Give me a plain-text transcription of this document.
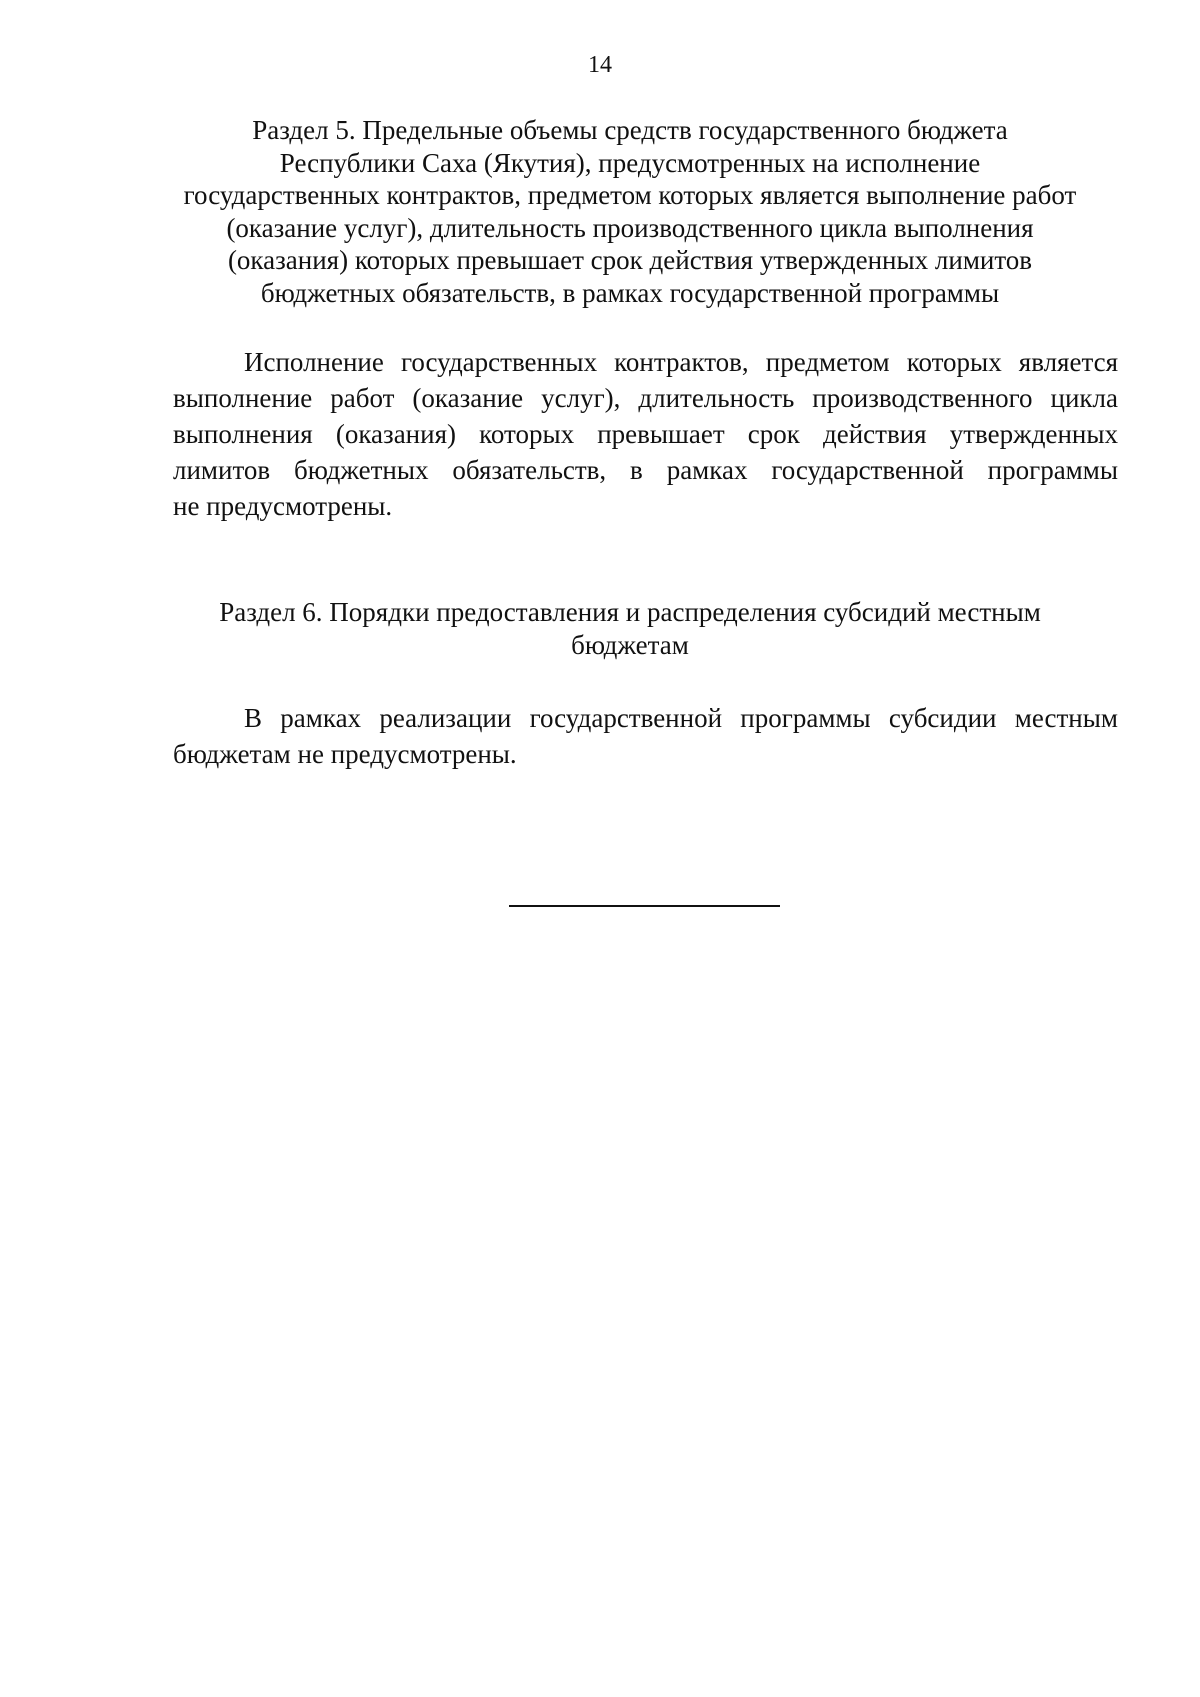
14
Раздел 5. Предельные объемы средств государственного бюджета
Республики Саха (Якутия), предусмотренных на исполнение
государственных контрактов, предметом которых является выполнение работ
(оказание услуг), длительность производственного цикла выполнения
(оказания) которых превышает срок действия утвержденных лимитов
бюджетных обязательств, в рамках государственной программы

Исполнение государственных контрактов, предметом которых является
выполнение работ (оказание услуг), длительность производственного цикла
выполнения (оказания) которых превышает срок действия утвержденных
лимитов бюджетных обязательств, в рамках государственной программы
не предусмотрены.

Раздел 6. Порядки предоставления и распределения субсидий местным
бюджетам

В рамках реализации государственной программы субсидии местным
бюджетам не предусмотрены.
